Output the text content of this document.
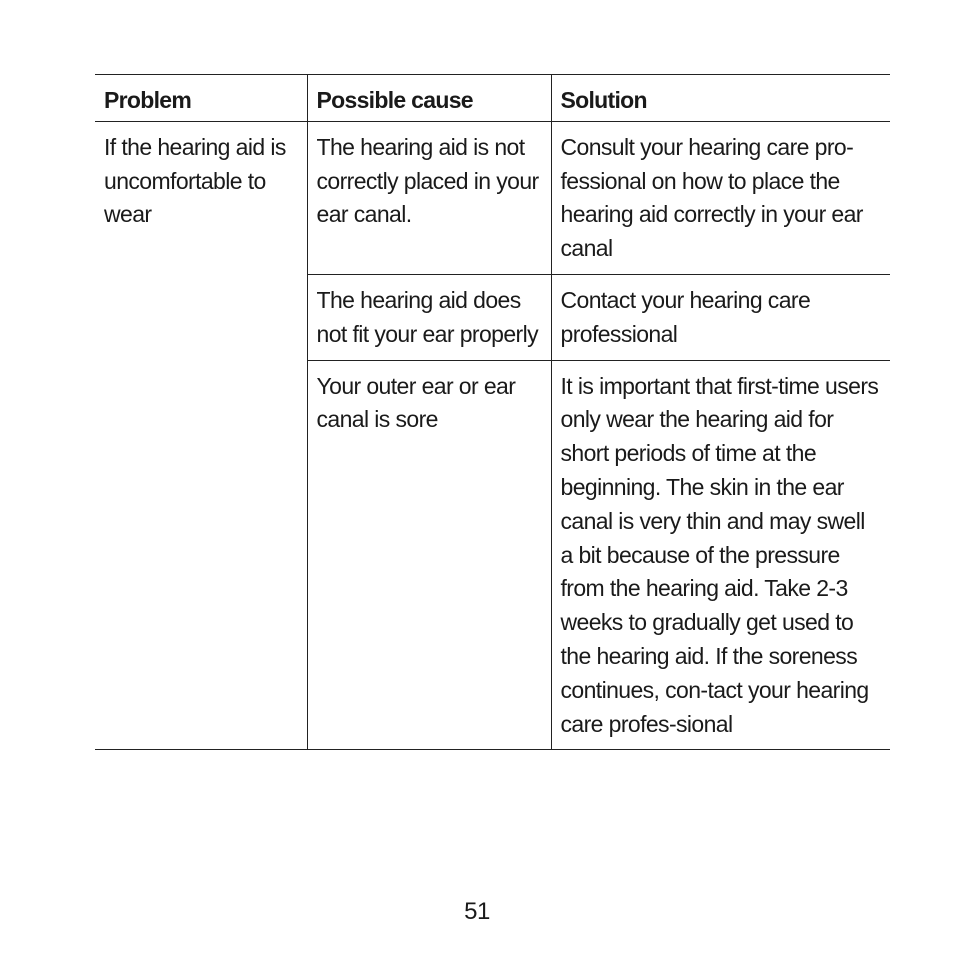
Problem	Possible cause	Solution
If the hearing aid is uncomfortable to wear	The hearing aid is not correctly placed in your ear canal.	Consult your hearing care pro-fessional on how to place the hearing aid correctly in your ear canal
	The hearing aid does not fit your ear properly	Contact your hearing care professional
	Your outer ear or ear canal is sore	It is important that first-time users only wear the hearing aid for short periods of time at the beginning. The skin in the ear canal is very thin and may swell a bit because of the pressure from the hearing aid. Take 2-3 weeks to gradually get used to the hearing aid. If the soreness continues, con-tact your hearing care profes-sional
51
